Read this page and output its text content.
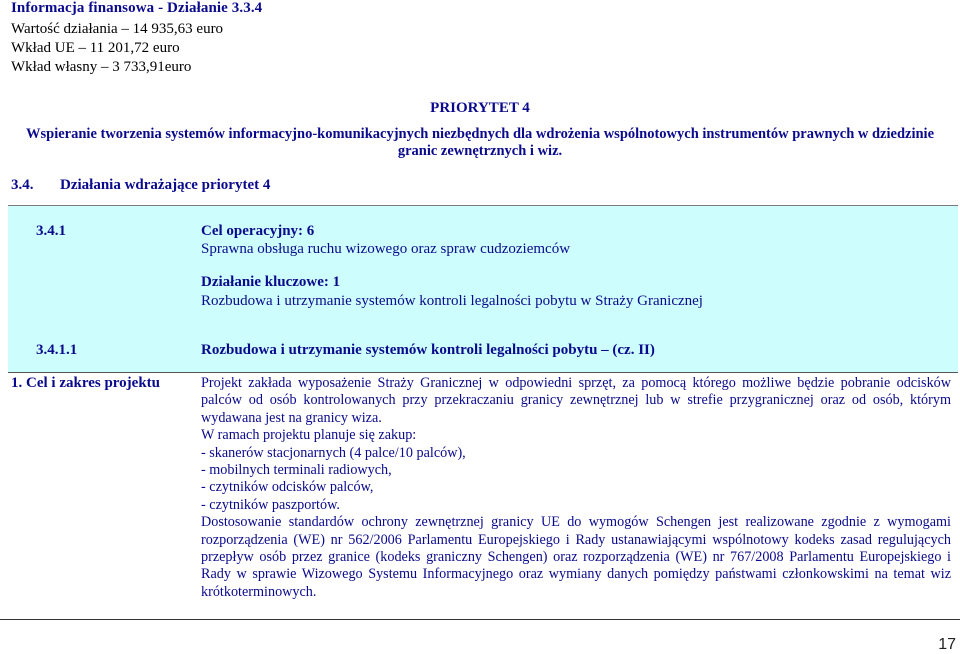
Informacja finansowa - Działanie 3.3.4
Wartość działania – 14 935,63 euro
Wkład UE – 11 201,72 euro
Wkład własny – 3 733,91euro
PRIORYTET 4
Wspieranie tworzenia systemów informacyjno-komunikacyjnych niezbędnych dla wdrożenia wspólnotowych instrumentów prawnych w dziedzinie
granic zewnętrznych i wiz.
3.4. Działania wdrażające priorytet 4
3.4.1	Cel operacyjny: 6
Sprawna obsługa ruchu wizowego oraz spraw cudzoziemców
Działanie kluczowe: 1
Rozbudowa i utrzymanie systemów kontroli legalności pobytu w Straży Granicznej
3.4.1.1	Rozbudowa i utrzymanie systemów kontroli legalności pobytu – (cz. II)
1. Cel i zakres projektu	Projekt zakłada wyposażenie Straży Granicznej w odpowiedni sprzęt, za pomocą którego możliwe będzie pobranie odcisków palców od osób kontrolowanych przy przekraczaniu granicy zewnętrznej lub w strefie przygranicznej oraz od osób, którym wydawana jest na granicy wiza.

W ramach projektu planuje się zakup:

- skanerów stacjonarnych (4 palce/10 palców),

- mobilnych terminali radiowych,

- czytników odcisków palców,

- czytników paszportów.

Dostosowanie standardów ochrony zewnętrznej granicy UE do wymogów Schengen jest realizowane zgodnie z wymogami rozporządzenia (WE) nr 562/2006 Parlamentu Europejskiego i Rady ustanawiającymi wspólnotowy kodeks zasad regulujących przepływ osób przez granice (kodeks graniczny Schengen) oraz rozporządzenia (WE) nr 767/2008 Parlamentu Europejskiego i Rady w sprawie Wizowego Systemu Informacyjnego oraz wymiany danych pomiędzy państwami członkowskimi na temat wiz krótkoterminowych.

17
